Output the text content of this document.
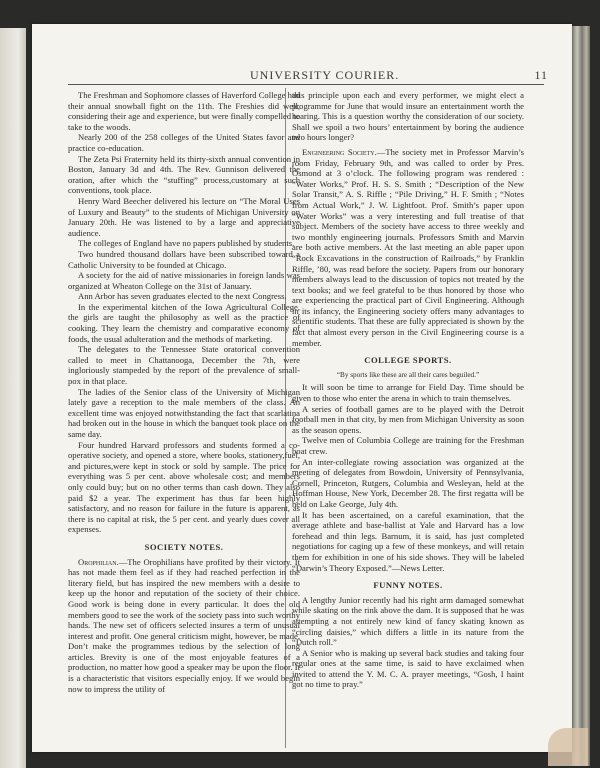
UNIVERSITY COURIER.	11

The Freshman and Sophomore classes of Haverford College had their annual snowball fight on the 11th. The Freshies did well, considering their age and experience, but were finally compelled to take to the woods.

Nearly 200 of the 258 colleges of the United States favor and practice co-education.

The Zeta Psi Fraternity held its thirty-sixth annual convention in Boston, January 3d and 4th. The Rev. Gunnison delivered the oration, after which the “stuffing” process,customary at such conventions, took place.

Henry Ward Beecher delivered his lecture on “The Moral Uses of Luxury and Beauty” to the students of Michigan University on January 20th. He was listened to by a large and appreciative audience.

The colleges of England have no papers published by students.

Two hundred thousand dollars have been subscribed toward a Catholic University to be founded at Chicago.

A society for the aid of native missionaries in foreign lands was organized at Wheaton College on the 31st of January.

Ann Arbor has seven graduates elected to the next Congress.

In the experimental kitchen of the Iowa Agricultural College, the girls are taught the philosophy as well as the practice of cooking. They learn the chemistry and comparative economy of foods, the usual adulteration and the methods of marketing.

The delegates to the Tennessee State oratorical convention called to meet in Chattanooga, December the 7th, were ingloriously stampeded by the report of the prevalence of small-pox in that place.

The ladies of the Senior class of the University of Michigan lately gave a reception to the male members of the class. An excellent time was enjoyed notwithstanding the fact that scarlatina had broken out in the house in which the banquet took place on the same day.

Four hundred Harvard professors and students formed a co-operative society, and opened a store, where books, stationery,fuel, and pictures,were kept in stock or sold by sample. The price for everything was 5 per cent. above wholesale cost; and members only could buy; but on no other terms than cash down. They also paid $2 a year. The experiment has thus far been highly satisfactory, and no reason for failure in the future is apparent, as there is no capital at risk, the 5 per cent. and yearly dues cover all expenses.

SOCIETY NOTES.

Orophilian.—The Orophilians have profited by their victory. It has not made them feel as if they had reached perfection in the literary field, but has inspired the new members with a desire to keep up the honor and reputation of the society of their choice. Good work is being done in every particular. It does the old members good to see the work of the society pass into such worthy hands. The new set of officers selected insures a term of unusual interest and profit. One general criticism might, however, be made. Don’t make the programmes tedious by the selection of long articles. Brevity is one of the most enjoyable features of a production, no matter how good a speaker may be upon the floor. It is a characteristic that visitors especially enjoy. If we would begin now to impress the utility of

this principle upon each and every performer, we might elect a programme for June that would insure an entertainment worth the hearing. This is a question worthy the consideration of our society. Shall we spoil a two hours’ entertainment by boring the audience two hours longer?

Engineering Society.—The society met in Professor Marvin’s room Friday, February 9th, and was called to order by Pres. Osmond at 3 o’clock. The following program was rendered : “Water Works,” Prof. H. S. S. Smith ; “Description of the New Solar Transit,” A. S. Riffle ; “Pile Driving,” H. F. Smith ; “Notes from Actual Work,” J. W. Lightfoot. Prof. Smith’s paper upon “Water Works” was a very interesting and full treatise of that subject. Members of the society have access to three weekly and two monthly engineering journals. Professors Smith and Marvin are both active members. At the last meeting an able paper upon “Rock Excavations in the construction of Railroads,” by Franklin Riffle, ’80, was read before the society. Papers from our honorary members always lead to the discussion of topics not treated by the text books; and we feel grateful to be thus honored by those who are experiencing the practical part of Civil Engineering. Although in its infancy, the Engineering society offers many advantages to scientific students. That these are fully appreciated is shown by the fact that almost every person in the Civil Engineering course is a member.

COLLEGE SPORTS.

“By sports like these are all their cares beguiled.”

It will soon be time to arrange for Field Day. Time should be given to those who enter the arena in which to train themselves.

A series of football games are to be played with the Detroit football men in that city, by men from Michigan University as soon as the season opens.

Twelve men of Columbia College are training for the Freshman boat crew.

An inter-collegiate rowing association was organized at the meeting of delegates from Bowdoin, University of Pennsylvania, Cornell, Princeton, Rutgers, Columbia and Wesleyan, held at the Hoffman House, New York, December 28. The first regatta will be held on Lake George, July 4th.

It has been ascertained, on a careful examination, that the average athlete and base-ballist at Yale and Harvard has a low forehead and thin legs. Barnum, it is said, has just completed negotiations for caging up a few of these monkeys, and will retain them for exhibition in one of his side shows. They will be labeled “Darwin’s Theory Exposed.”—News Letter.

FUNNY NOTES.

A lengthy Junior recently had his right arm damaged somewhat while skating on the rink above the dam. It is supposed that he was attempting a not entirely new kind of fancy skating known as “circling daisies,” which differs a little in its nature from the “Dutch roll.”

A Senior who is making up several back studies and taking four regular ones at the same time, is said to have exclaimed when invited to attend the Y. M. C. A. prayer meetings, “Gosh, I haint got no time to pray.”
